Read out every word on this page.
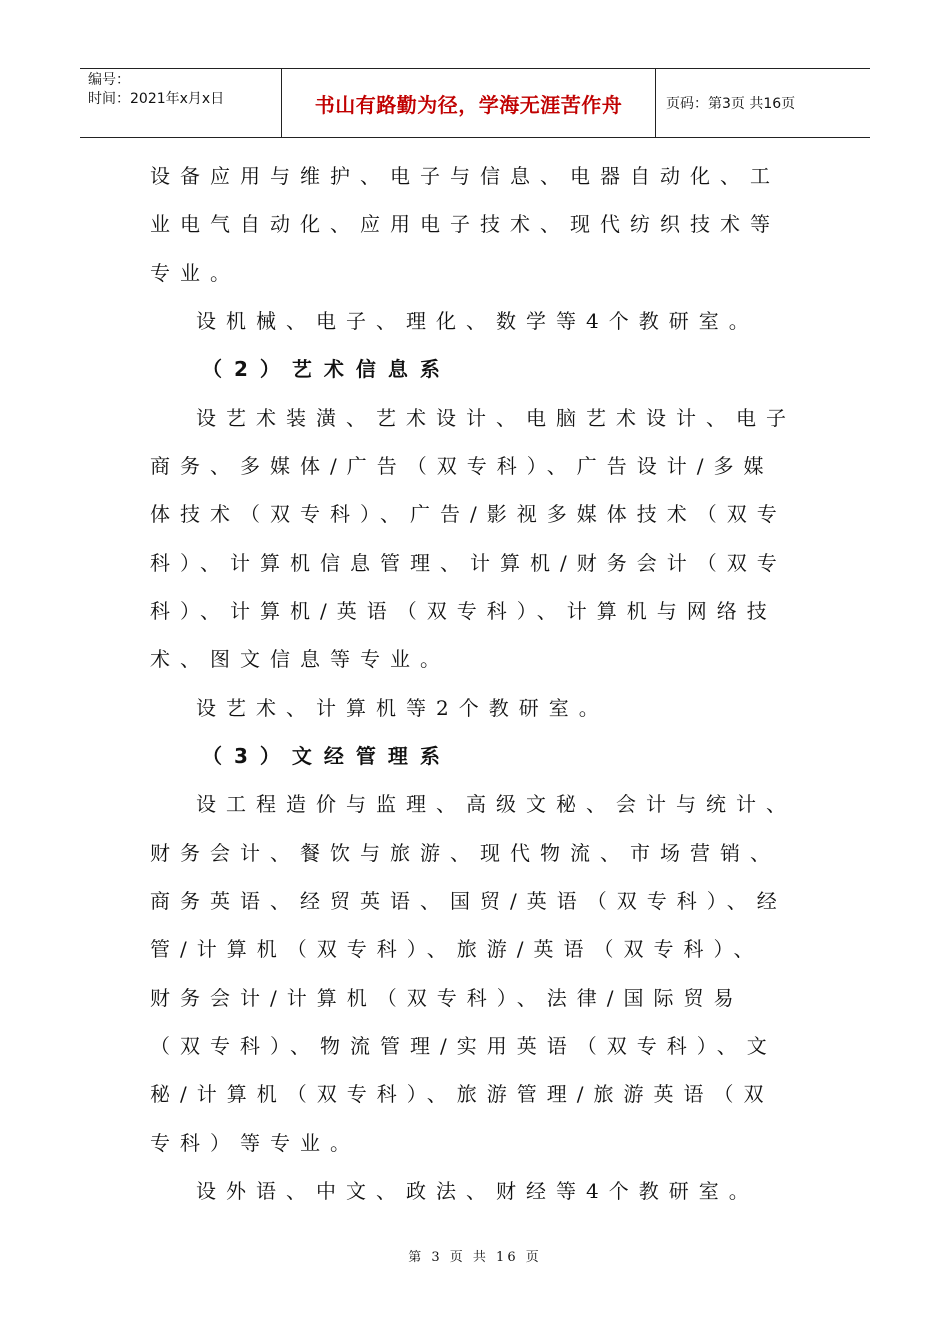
编号：
时间：2021年x月x日	书山有路勤为径，学海无涯苦作舟	页码：第3页 共16页
设备应用与维护、电子与信息、电器自动化、工
业电气自动化、应用电子技术、现代纺织技术等
专业。
设机械、电子、理化、数学等4个教研室。
（2）艺术信息系
设艺术装潢、艺术设计、电脑艺术设计、电子
商务、多媒体/广告（双专科）、广告设计/多媒
体技术（双专科）、广告/影视多媒体技术（双专
科）、计算机信息管理、计算机/财务会计（双专
科）、计算机/英语（双专科）、计算机与网络技
术、图文信息等专业。
设艺术、计算机等2个教研室。
（3）文经管理系
设工程造价与监理、高级文秘、会计与统计、
财务会计、餐饮与旅游、现代物流、市场营销、
商务英语、经贸英语、国贸/英语（双专科）、经
管/计算机（双专科）、旅游/英语（双专科）、
财务会计/计算机（双专科）、法律/国际贸易
（双专科）、物流管理/实用英语（双专科）、文
秘/计算机（双专科）、旅游管理/旅游英语（双
专科）等专业。
设外语、中文、政法、财经等4个教研室。
第 3 页 共 16 页
